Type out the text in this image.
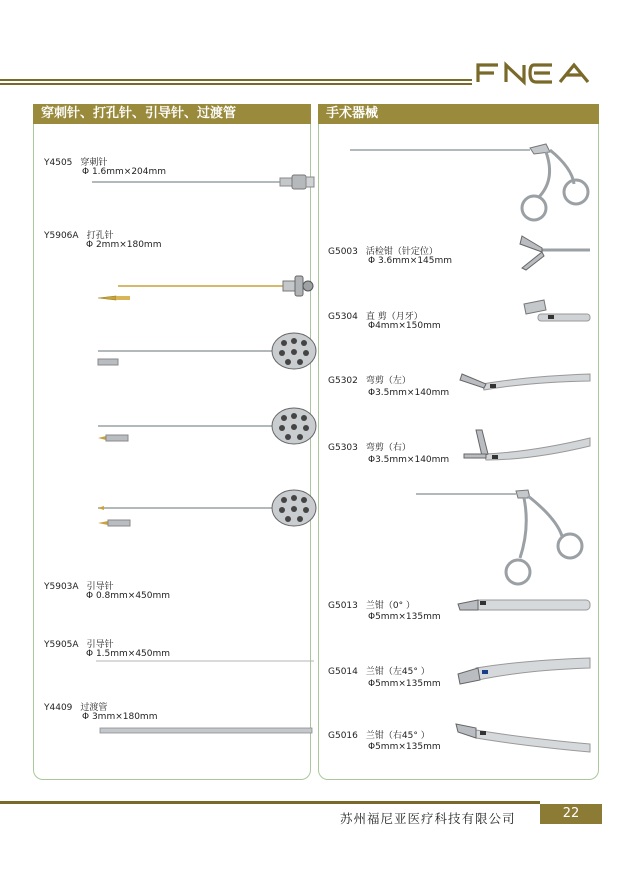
FNEA
穿刺针、打孔针、引导针、过渡管	手术器械
Y4505 穿刺针
Φ 1.6mm×204mm
Y5906A 打孔针
Φ 2mm×180mm
Y5903A 引导针
Φ 0.8mm×450mm
Y5905A 引导针
Φ 1.5mm×450mm
Y4409 过渡管
Φ 3mm×180mm
G5003 活检钳（针定位）
Φ 3.6mm×145mm
G5304 直 剪（月牙）
Φ4mm×150mm
G5302 弯剪（左）
Φ3.5mm×140mm
G5303 弯剪（右）
Φ3.5mm×140mm
G5013 兰钳（0° ）
Φ5mm×135mm
G5014 兰钳（左45° ）
Φ5mm×135mm
G5016 兰钳（右45° ）
Φ5mm×135mm
苏州福尼亚医疗科技有限公司	22
